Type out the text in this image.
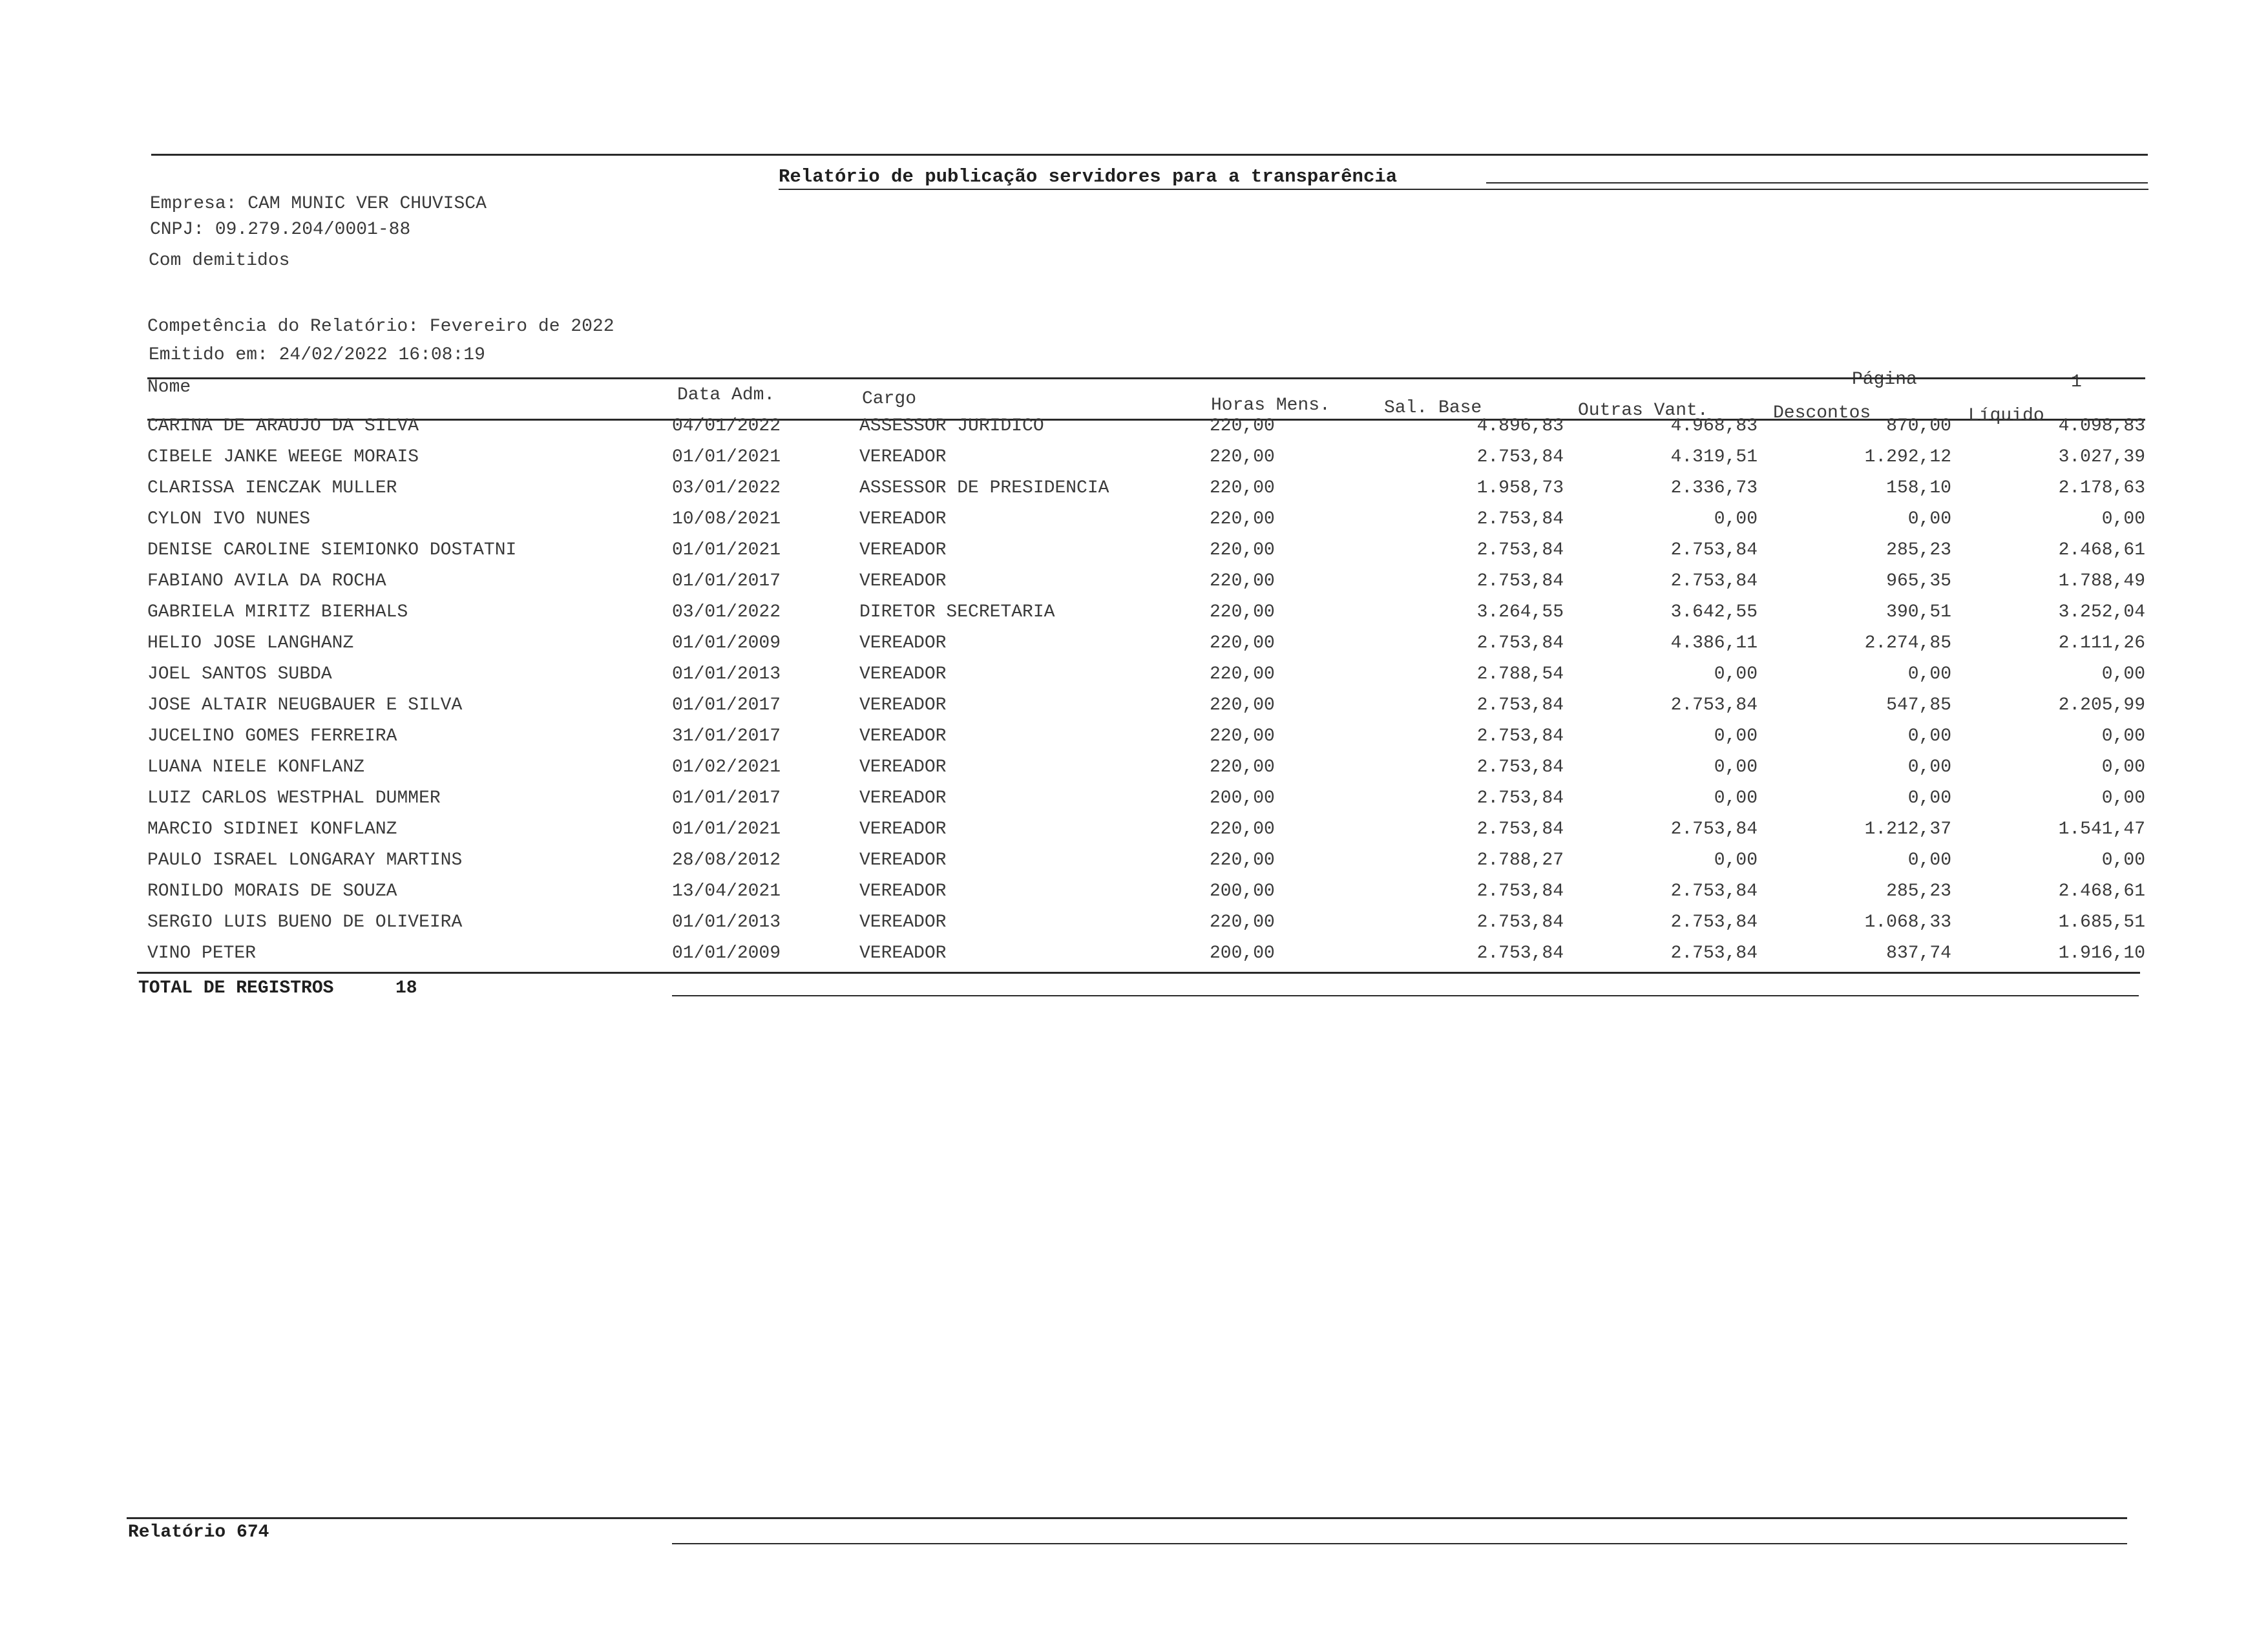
Relatório de publicação servidores para a transparência
Empresa: CAM MUNIC VER CHUVISCA
CNPJ: 09.279.204/0001-88
Com demitidos
Competência do Relatório: Fevereiro de 2022
Emitido em: 24/02/2022 16:08:19
Página	1
Nome	Data Adm.	Cargo	Horas Mens.	Sal. Base	Outras Vant.	Descontos	Líquido
CARINA DE ARAUJO DA SILVA	04/01/2022	ASSESSOR JURIDICO	220,00	4.896,83	4.968,83	870,00	4.098,83
CIBELE JANKE WEEGE MORAIS	01/01/2021	VEREADOR	220,00	2.753,84	4.319,51	1.292,12	3.027,39
CLARISSA IENCZAK MULLER	03/01/2022	ASSESSOR DE PRESIDENCIA	220,00	1.958,73	2.336,73	158,10	2.178,63
CYLON IVO NUNES	10/08/2021	VEREADOR	220,00	2.753,84	0,00	0,00	0,00
DENISE CAROLINE SIEMIONKO DOSTATNI	01/01/2021	VEREADOR	220,00	2.753,84	2.753,84	285,23	2.468,61
FABIANO AVILA DA ROCHA	01/01/2017	VEREADOR	220,00	2.753,84	2.753,84	965,35	1.788,49
GABRIELA MIRITZ BIERHALS	03/01/2022	DIRETOR SECRETARIA	220,00	3.264,55	3.642,55	390,51	3.252,04
HELIO JOSE LANGHANZ	01/01/2009	VEREADOR	220,00	2.753,84	4.386,11	2.274,85	2.111,26
JOEL SANTOS SUBDA	01/01/2013	VEREADOR	220,00	2.788,54	0,00	0,00	0,00
JOSE ALTAIR NEUGBAUER E SILVA	01/01/2017	VEREADOR	220,00	2.753,84	2.753,84	547,85	2.205,99
JUCELINO GOMES FERREIRA	31/01/2017	VEREADOR	220,00	2.753,84	0,00	0,00	0,00
LUANA NIELE KONFLANZ	01/02/2021	VEREADOR	220,00	2.753,84	0,00	0,00	0,00
LUIZ CARLOS WESTPHAL DUMMER	01/01/2017	VEREADOR	200,00	2.753,84	0,00	0,00	0,00
MARCIO SIDINEI KONFLANZ	01/01/2021	VEREADOR	220,00	2.753,84	2.753,84	1.212,37	1.541,47
PAULO ISRAEL LONGARAY MARTINS	28/08/2012	VEREADOR	220,00	2.788,27	0,00	0,00	0,00
RONILDO MORAIS DE SOUZA	13/04/2021	VEREADOR	200,00	2.753,84	2.753,84	285,23	2.468,61
SERGIO LUIS BUENO DE OLIVEIRA	01/01/2013	VEREADOR	220,00	2.753,84	2.753,84	1.068,33	1.685,51
VINO PETER	01/01/2009	VEREADOR	200,00	2.753,84	2.753,84	837,74	1.916,10
TOTAL DE REGISTROS	18
Relatório 674
